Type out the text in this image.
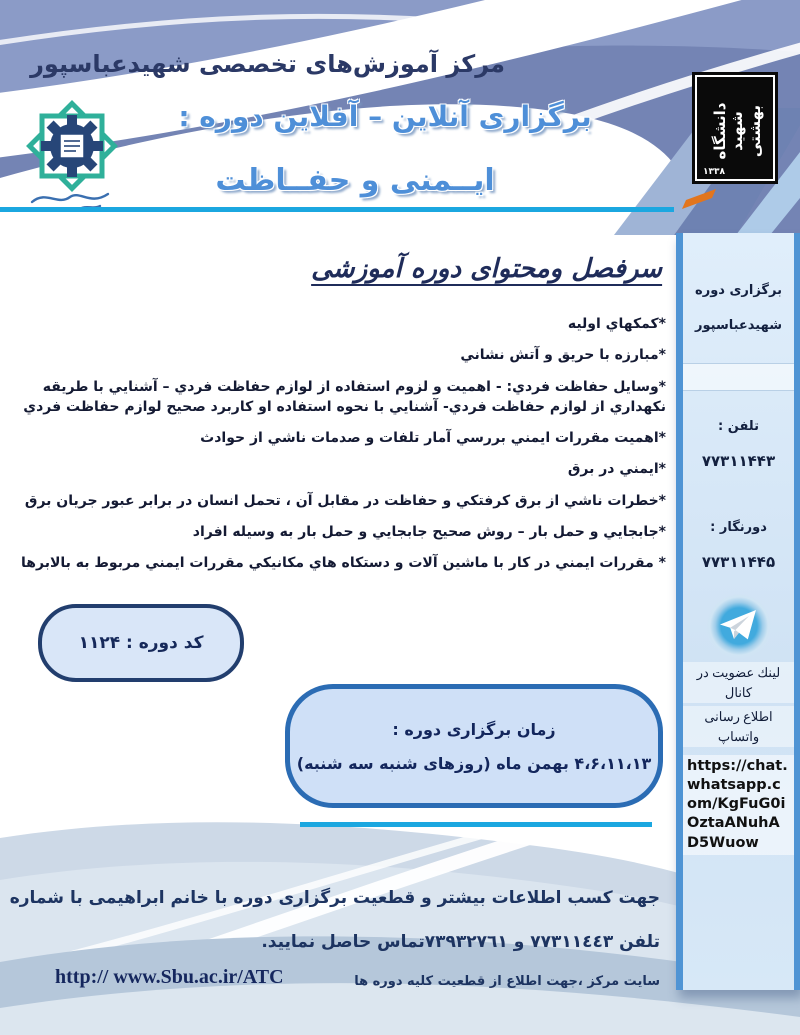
مرکز آموزش‌های تخصصی شهیدعباسپور
برگزاری آنلاین – آفلاین دوره :
ایــمنی و حفــاظت
دانشگاه شهید بهشتی
۱۳۳۸
سرفصل ومحتوای دوره آموزشی
*کمکهاي اوليه
*مبارزه با حريق و آتش نشاني
*وسايل حفاظت فردي: - اهميت و لزوم استفاده از لوازم حفاظت فردي – آشنايي با طريقه نكهداري از لوازم حفاظت فردي- آشنايي با نحوه استفاده او كاربرد صحيح لوازم حفاظت فردي
*اهميت مقررات ايمني بررسي آمار تلفات و صدمات ناشي از حوادث
*ايمني در برق
*خطرات ناشي از برق كرفتكي و حفاظت در مقابل آن ، تحمل انسان در برابر عبور جريان برق
*جابجايي و حمل بار – روش صحيح جابجايي و حمل بار به وسيله افراد
* مقررات ايمني در كار با ماشين آلات و دستكاه هاي مكانيكي مقررات ايمني مربوط به بالابرها
کد دوره : ۱۱۲۴
زمان برگزاری دوره :
۴،۶،۱۱،۱۳ بهمن ماه (روزهای شنبه سه شنبه)
جهت کسب اطلاعات بیشتر و قطعیت برگزاری دوره با خانم ابراهیمی با شماره
تلفن ٧٧٣١١٤٤٣ و ٧٣٩٣٢٧٦١تماس حاصل نمایید.
سایت مرکز ،جهت اطلاع از قطعیت کلیه دوره ها
http:// www.Sbu.ac.ir/ATC
برگزاری دوره
شهیدعباسپور
تلفن :
۷۷۳۱۱۴۴۳
دورنگار :
۷۷۳۱۱۴۴۵
لینك عضویت در كانال
اطلاع رسانی واتساپ
https://chat.whatsapp.com/KgFuG0iOztaANuhAD5Wuow
